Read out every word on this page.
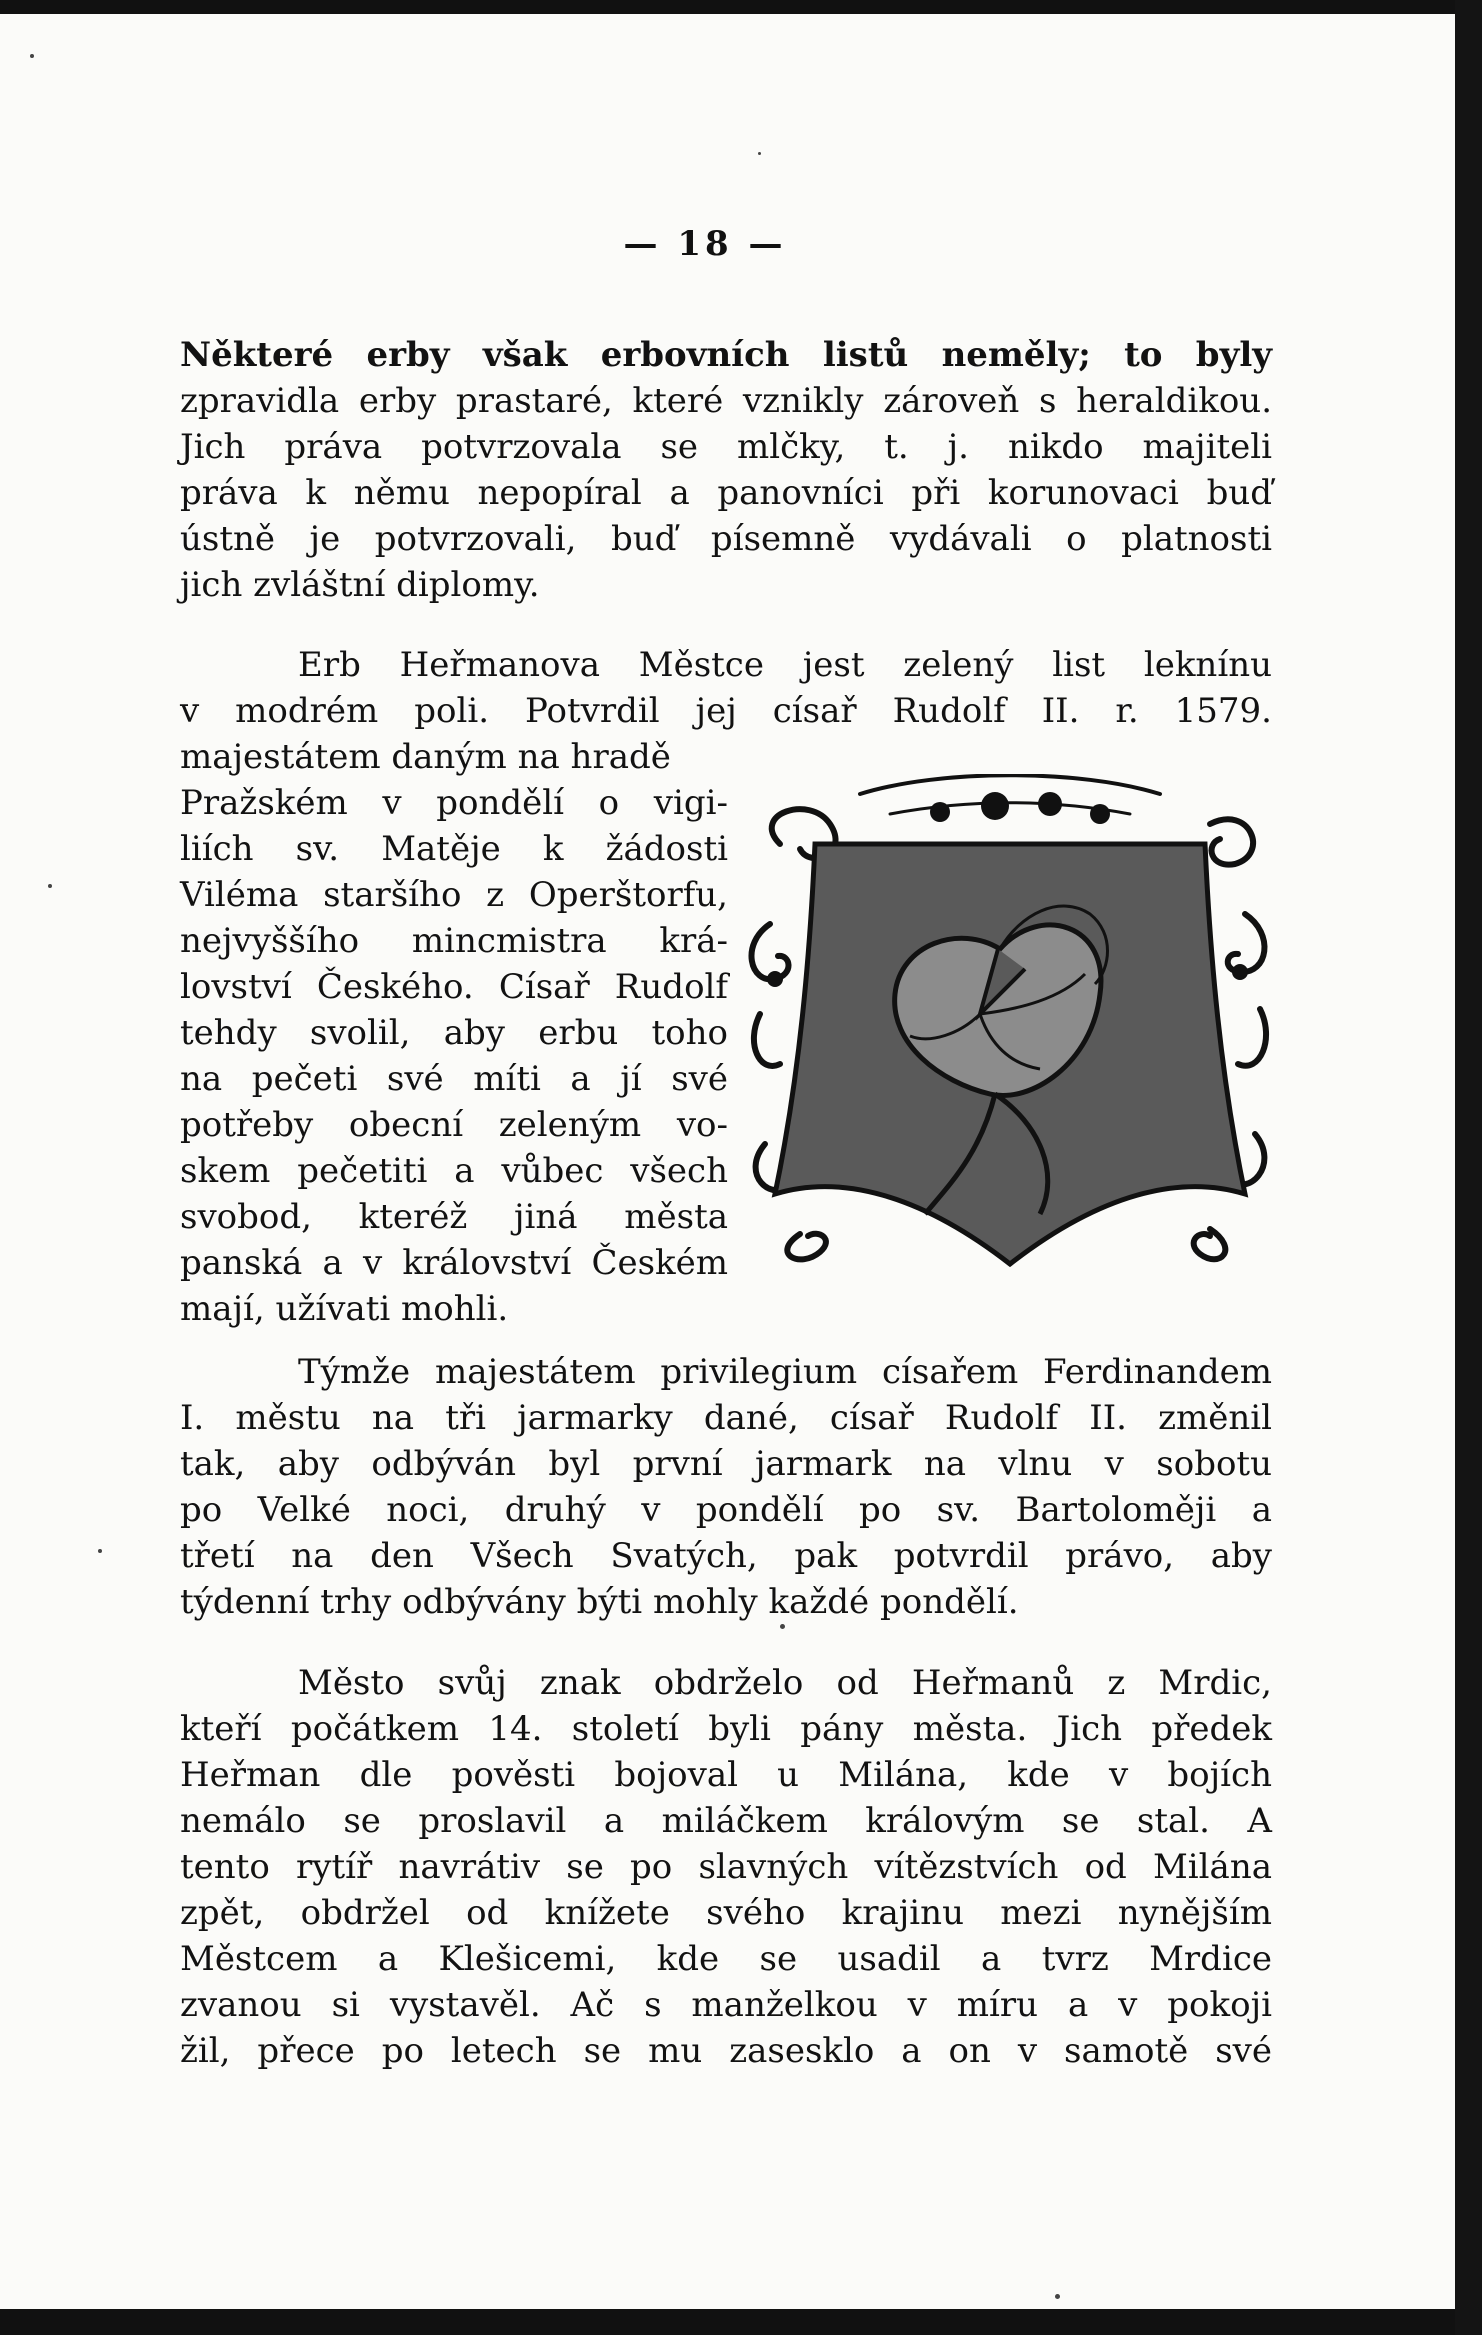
— 18 —
Některé erby však erbovních listů neměly; to byly
zpravidla erby prastaré, které vznikly zároveň s heraldikou.
Jich práva potvrzovala se mlčky, t. j. nikdo majiteli
práva k němu nepopíral a panovníci při korunovaci buď
ústně je potvrzovali, buď písemně vydávali o platnosti
jich zvláštní diplomy.
Erb Heřmanova Městce jest zelený list leknínu
v modrém poli. Potvrdil jej císař Rudolf II. r. 1579.
majestátem daným na hradě
Pražském v pondělí o vigi-
liích sv. Matěje k žádosti
Viléma staršího z Operštorfu,
nejvyššího mincmistra krá-
lovství Českého. Císař Rudolf
tehdy svolil, aby erbu toho
na pečeti své míti a jí své
potřeby obecní zeleným vo-
skem pečetiti a vůbec všech
svobod, kteréž jiná města
panská a v království Českém
mají, užívati mohli.
Týmže majestátem privilegium císařem Ferdinandem
I. městu na tři jarmarky dané, císař Rudolf II. změnil
tak, aby odbýván byl první jarmark na vlnu v sobotu
po Velké noci, druhý v pondělí po sv. Bartoloměji a
třetí na den Všech Svatých, pak potvrdil právo, aby
týdenní trhy odbývány býti mohly každé pondělí.
Město svůj znak obdrželo od Heřmanů z Mrdic,
kteří počátkem 14. století byli pány města. Jich předek
Heřman dle pověsti bojoval u Milána, kde v bojích
nemálo se proslavil a miláčkem královým se stal. A
tento rytíř navrátiv se po slavných vítězstvích od Milána
zpět, obdržel od knížete svého krajinu mezi nynějším
Městcem a Klešicemi, kde se usadil a tvrz Mrdice
zvanou si vystavěl. Ač s manželkou v míru a v pokoji
žil, přece po letech se mu zasesklo a on v samotě své
